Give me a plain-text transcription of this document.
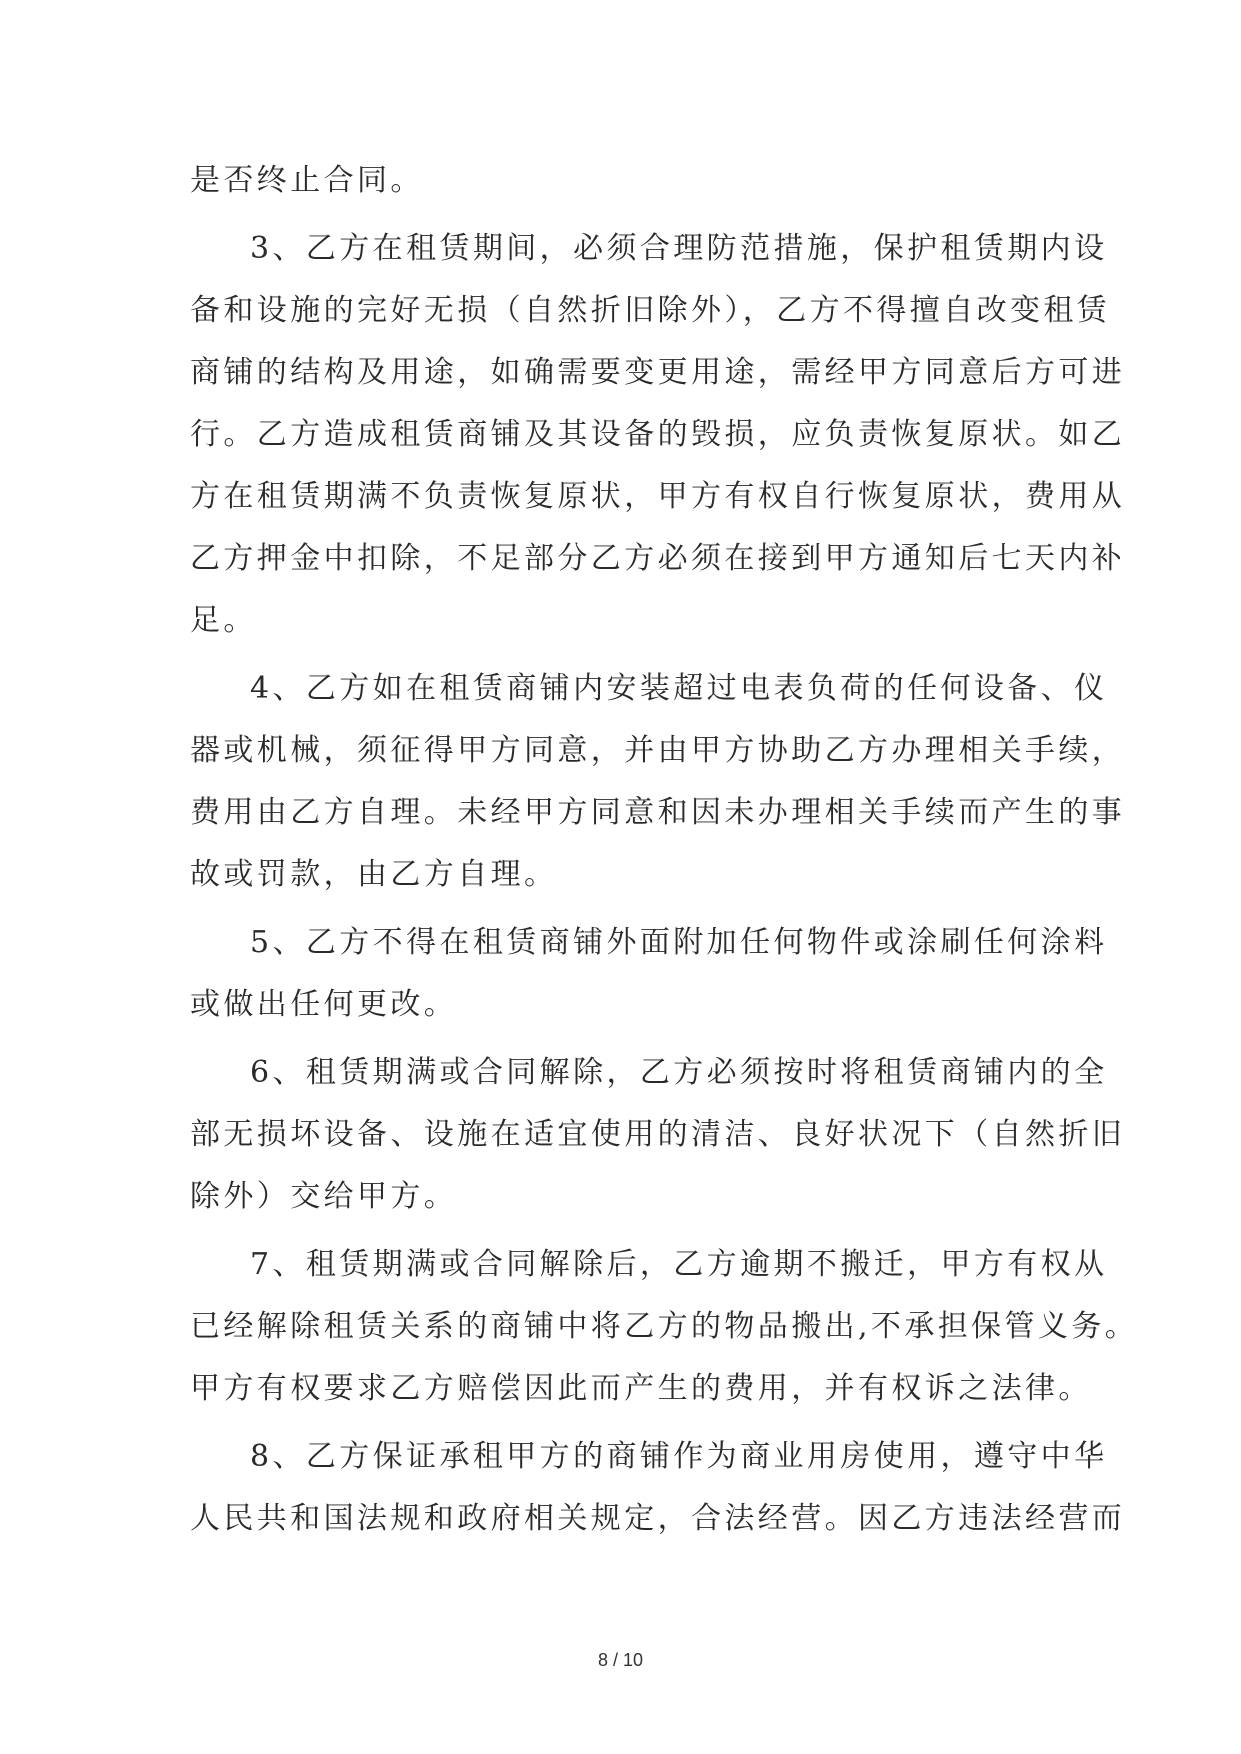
是否终止合同。
3、乙方在租赁期间，必须合理防范措施，保护租赁期内设
备和设施的完好无损（自然折旧除外），乙方不得擅自改变租赁
商铺的结构及用途，如确需要变更用途，需经甲方同意后方可进
行。乙方造成租赁商铺及其设备的毁损，应负责恢复原状。如乙
方在租赁期满不负责恢复原状，甲方有权自行恢复原状，费用从
乙方押金中扣除，不足部分乙方必须在接到甲方通知后七天内补
足。
4、乙方如在租赁商铺内安装超过电表负荷的任何设备、仪
器或机械，须征得甲方同意，并由甲方协助乙方办理相关手续，
费用由乙方自理。未经甲方同意和因未办理相关手续而产生的事
故或罚款，由乙方自理。
5、乙方不得在租赁商铺外面附加任何物件或涂刷任何涂料
或做出任何更改。
6、租赁期满或合同解除，乙方必须按时将租赁商铺内的全
部无损坏设备、设施在适宜使用的清洁、良好状况下（自然折旧
除外）交给甲方。
7、租赁期满或合同解除后，乙方逾期不搬迁，甲方有权从
已经解除租赁关系的商铺中将乙方的物品搬出,不承担保管义务。
甲方有权要求乙方赔偿因此而产生的费用，并有权诉之法律。
8、乙方保证承租甲方的商铺作为商业用房使用，遵守中华
人民共和国法规和政府相关规定，合法经营。因乙方违法经营而
8 / 10
